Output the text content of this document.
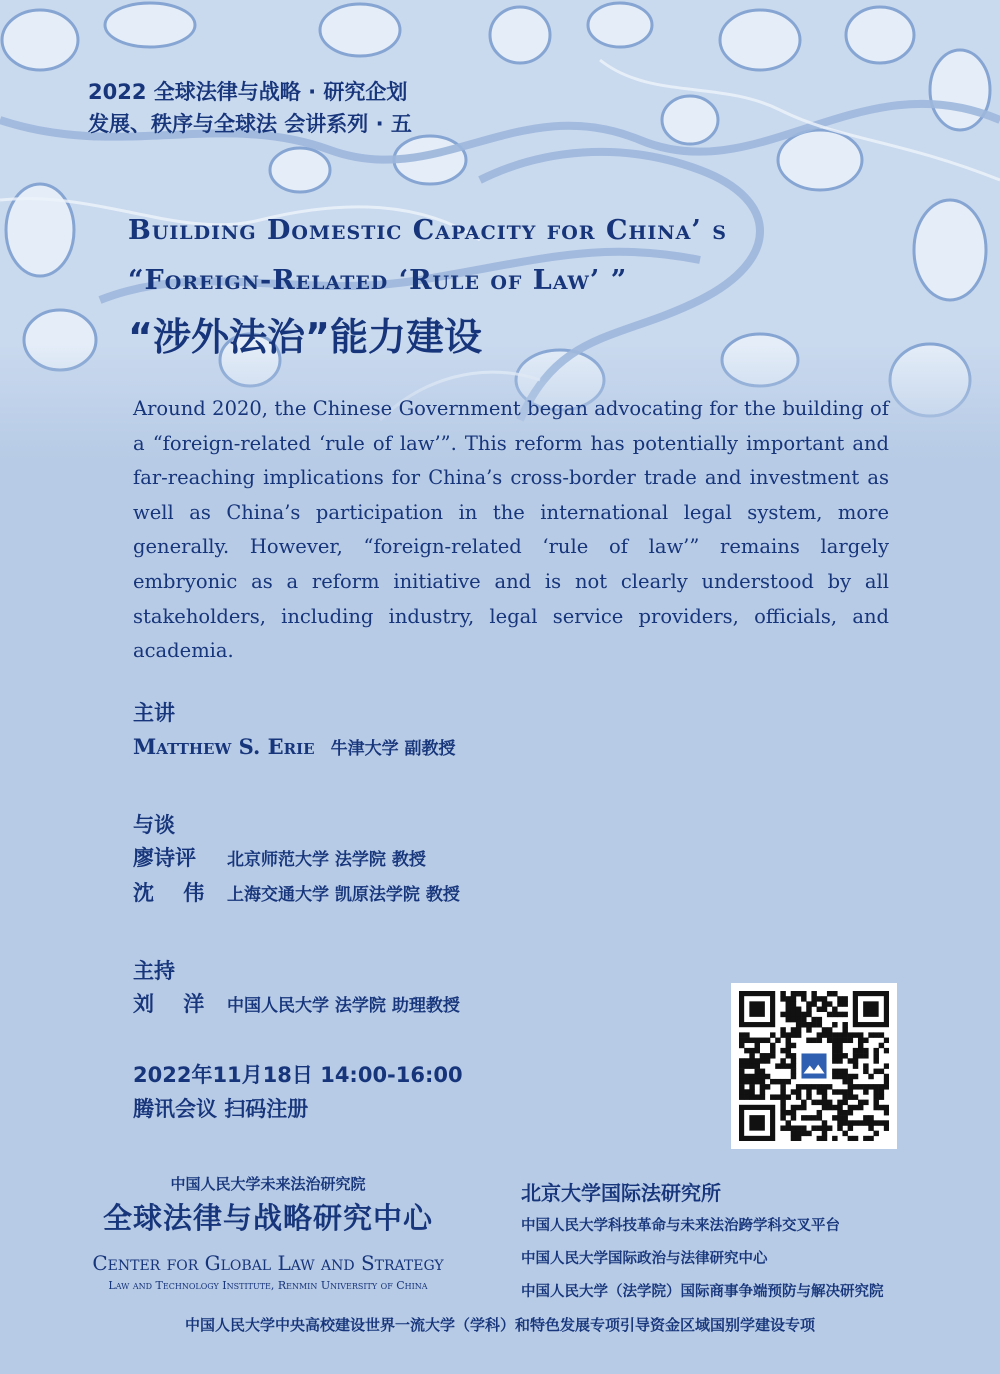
2022 全球法律与战略 · 研究企划
发展、秩序与全球法 会讲系列 · 五
Building Domestic Capacity for China’ s
“Foreign-Related ‘Rule of Law’ ”
“涉外法治”能力建设
Around 2020, the Chinese Government began advocating for the building of a “foreign-related ‘rule of law’”. This reform has potentially important and far-reaching implications for China’s cross-border trade and investment as well as China’s participation in the international legal system, more generally. However, “foreign-related ‘rule of law’” remains largely embryonic as a reform initiative and is not clearly understood by all stakeholders, including industry, legal service providers, officials, and academia.
主讲
Matthew S. Erie 牛津大学 副教授
与谈
廖诗评	北京师范大学 法学院 教授
沈    伟	上海交通大学 凯原法学院 教授
主持
刘    洋	中国人民大学 法学院 助理教授
2022年11月18日 14:00-16:00
腾讯会议 扫码注册
中国人民大学未来法治研究院
全球法律与战略研究中心
Center for Global Law and Strategy
Law and Technology Institute, Renmin University of China
北京大学国际法研究所
中国人民大学科技革命与未来法治跨学科交叉平台
中国人民大学国际政治与法律研究中心
中国人民大学（法学院）国际商事争端预防与解决研究院
中国人民大学中央高校建设世界一流大学（学科）和特色发展专项引导资金区域国别学建设专项
